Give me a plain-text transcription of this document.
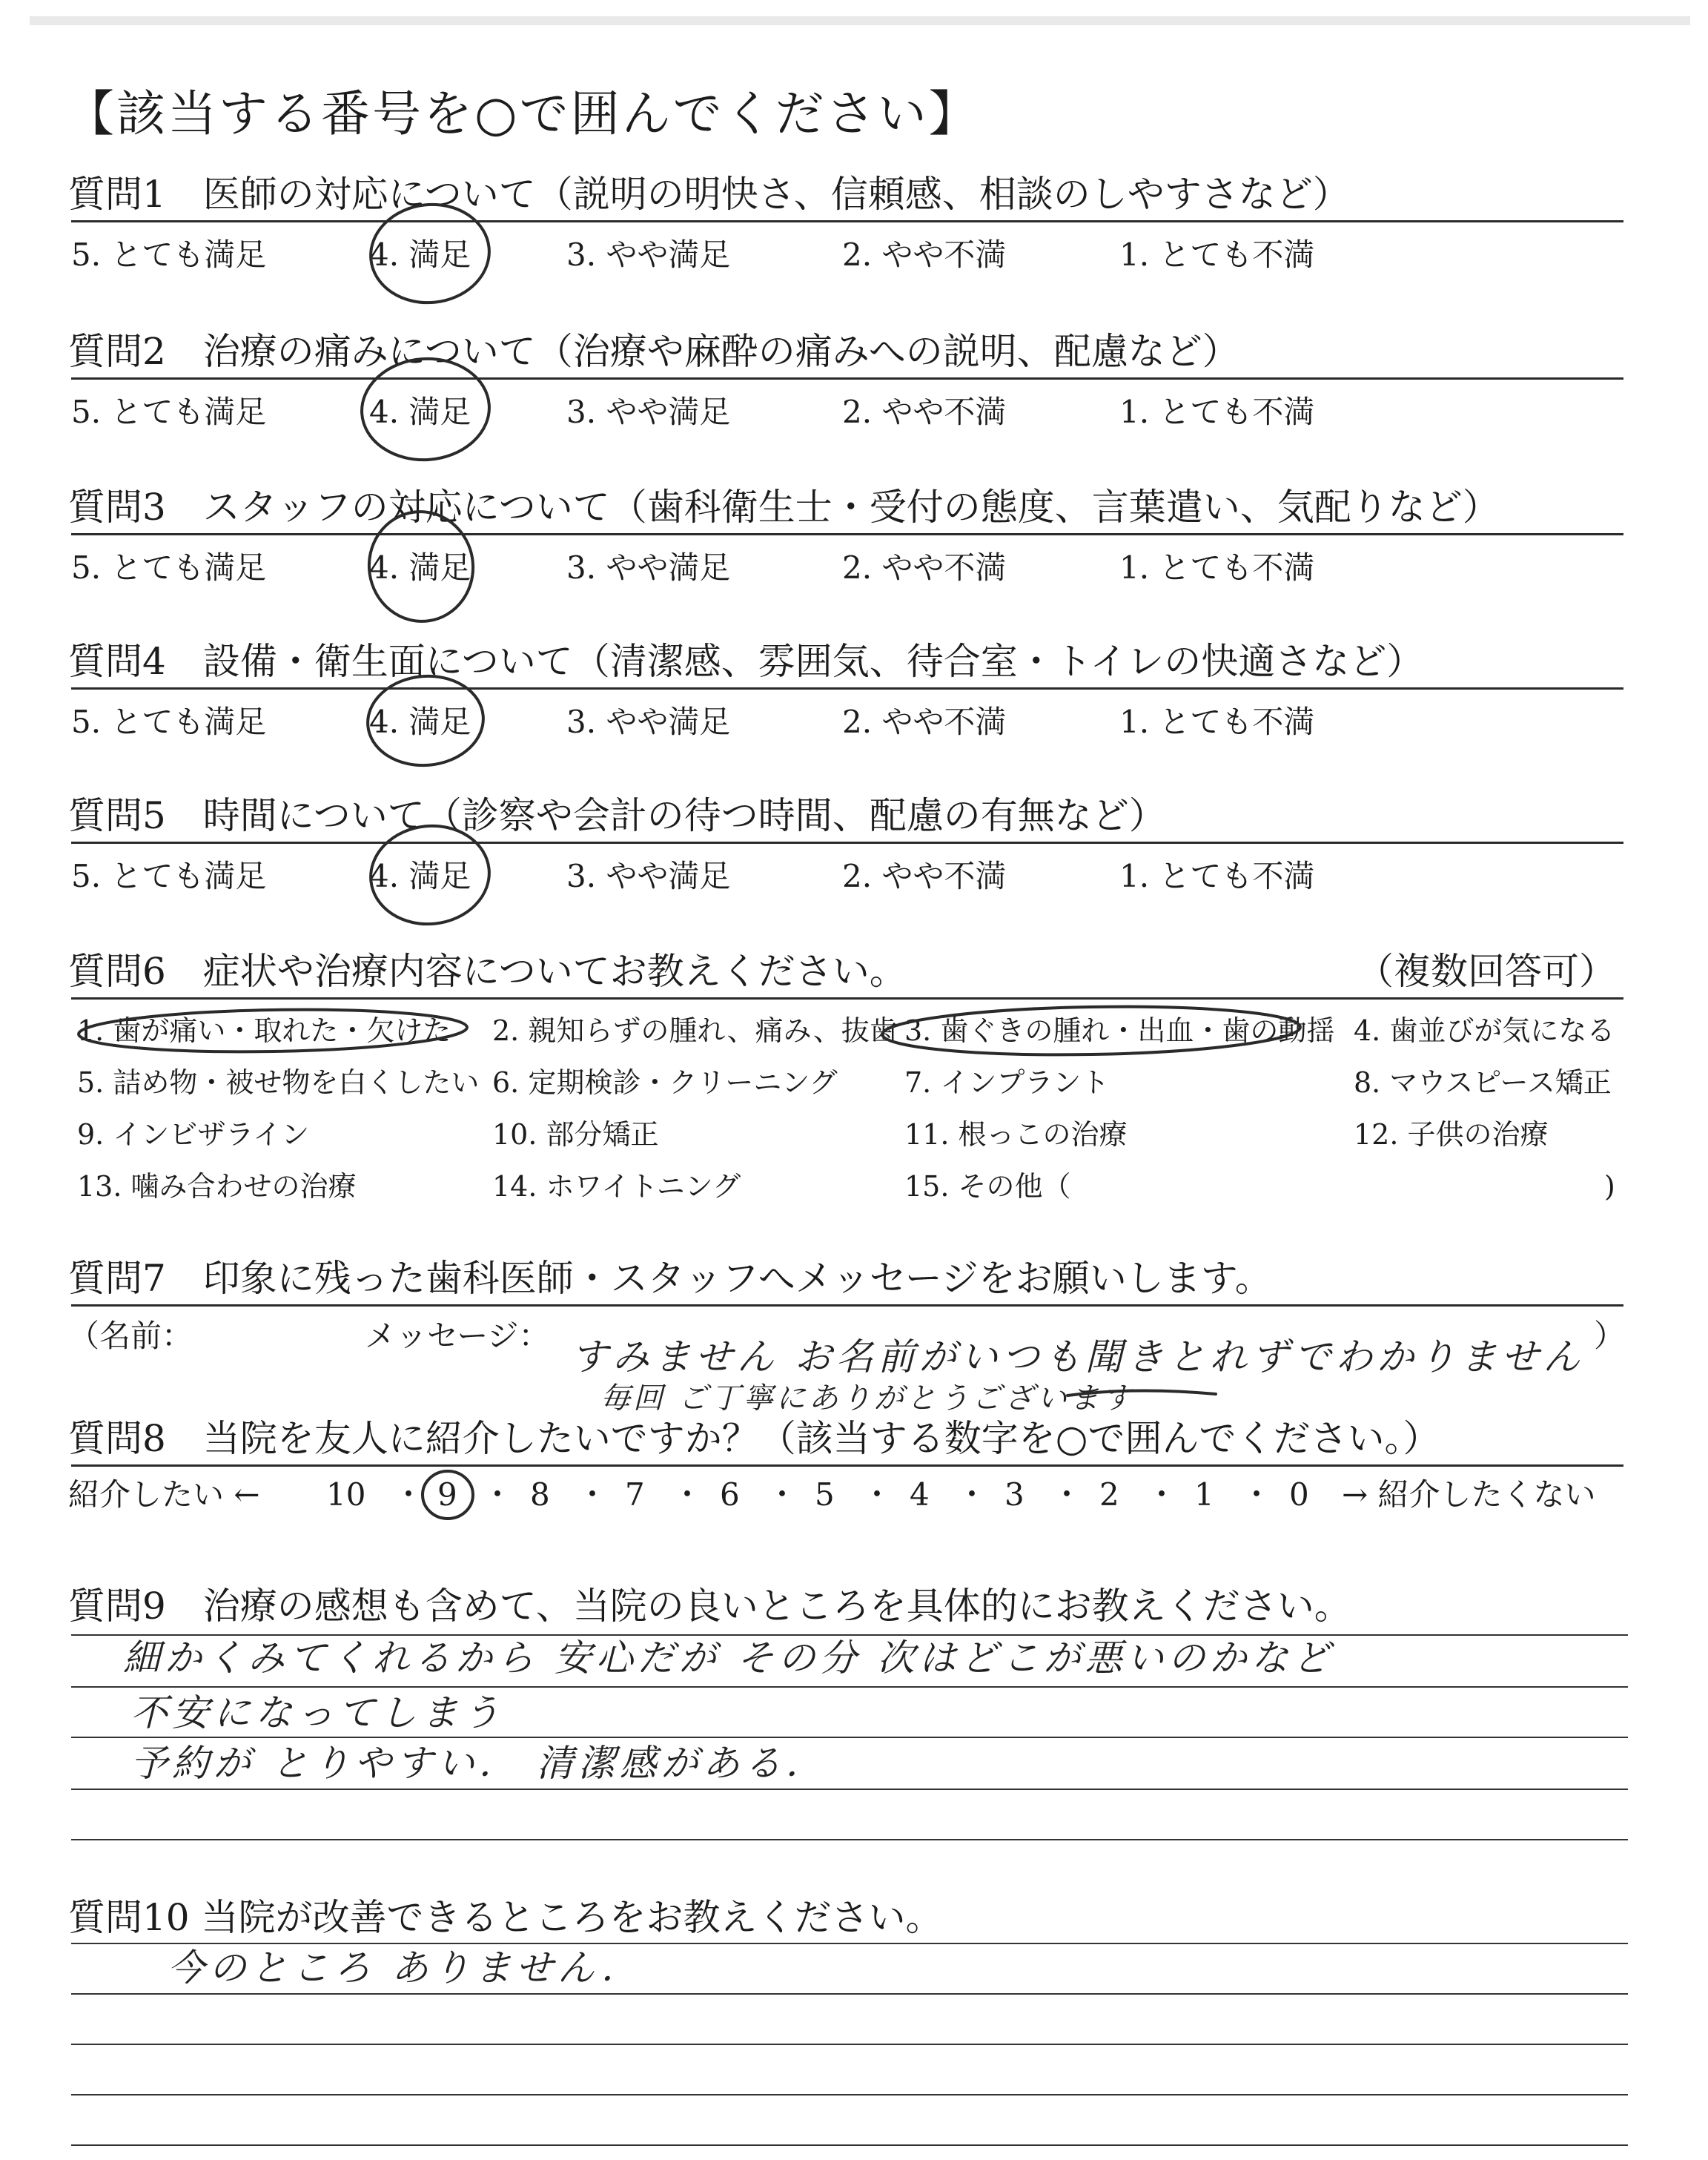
【該当する番号を○で囲んでください】
質問1　医師の対応について（説明の明快さ、信頼感、相談のしやすさなど）
5. とても満足	4. 満足	3. やや満足	2. やや不満	1. とても不満
質問2　治療の痛みについて（治療や麻酔の痛みへの説明、配慮など）
5. とても満足	4. 満足	3. やや満足	2. やや不満	1. とても不満
質問3　スタッフの対応について（歯科衛生士・受付の態度、言葉遣い、気配りなど）
5. とても満足	4. 満足	3. やや満足	2. やや不満	1. とても不満
質問4　設備・衛生面について（清潔感、雰囲気、待合室・トイレの快適さなど）
5. とても満足	4. 満足	3. やや満足	2. やや不満	1. とても不満
質問5　時間について（診察や会計の待つ時間、配慮の有無など）
5. とても満足	4. 満足	3. やや満足	2. やや不満	1. とても不満
質問6　症状や治療内容についてお教えください。	（複数回答可）
1. 歯が痛い・取れた・欠けた 2. 親知らずの腫れ、痛み、抜歯 3. 歯ぐきの腫れ・出血・歯の動揺 4. 歯並びが気になる
5. 詰め物・被せ物を白くしたい 6. 定期検診・クリーニング 7. インプラント	8. マウスピース矯正
9. インビザライン	10. 部分矯正	11. 根っこの治療	12. 子供の治療
13. 噛み合わせの治療	14. ホワイトニング	15. その他（	)
質問7　印象に残った歯科医師・スタッフへメッセージをお願いします。
（名前：	メッセージ：	）
すみません お名前がいつも聞きとれずでわかりません
毎回 ご丁寧にありがとうございます
質問8　当院を友人に紹介したいですか？（該当する数字を○で囲んでください。）
紹介したい ←	→ 紹介したくない
10 ・ 9 ・ 8 ・ 7 ・ 6 ・ 5 ・ 4 ・ 3 ・ 2 ・ 1 ・ 0
質問9　治療の感想も含めて、当院の良いところを具体的にお教えください。
細かくみてくれるから 安心だが その分 次はどこが悪いのかなど
不安になってしまう
予約が とりやすい． 清潔感がある．
質問10 当院が改善できるところをお教えください。
今のところ ありません．
